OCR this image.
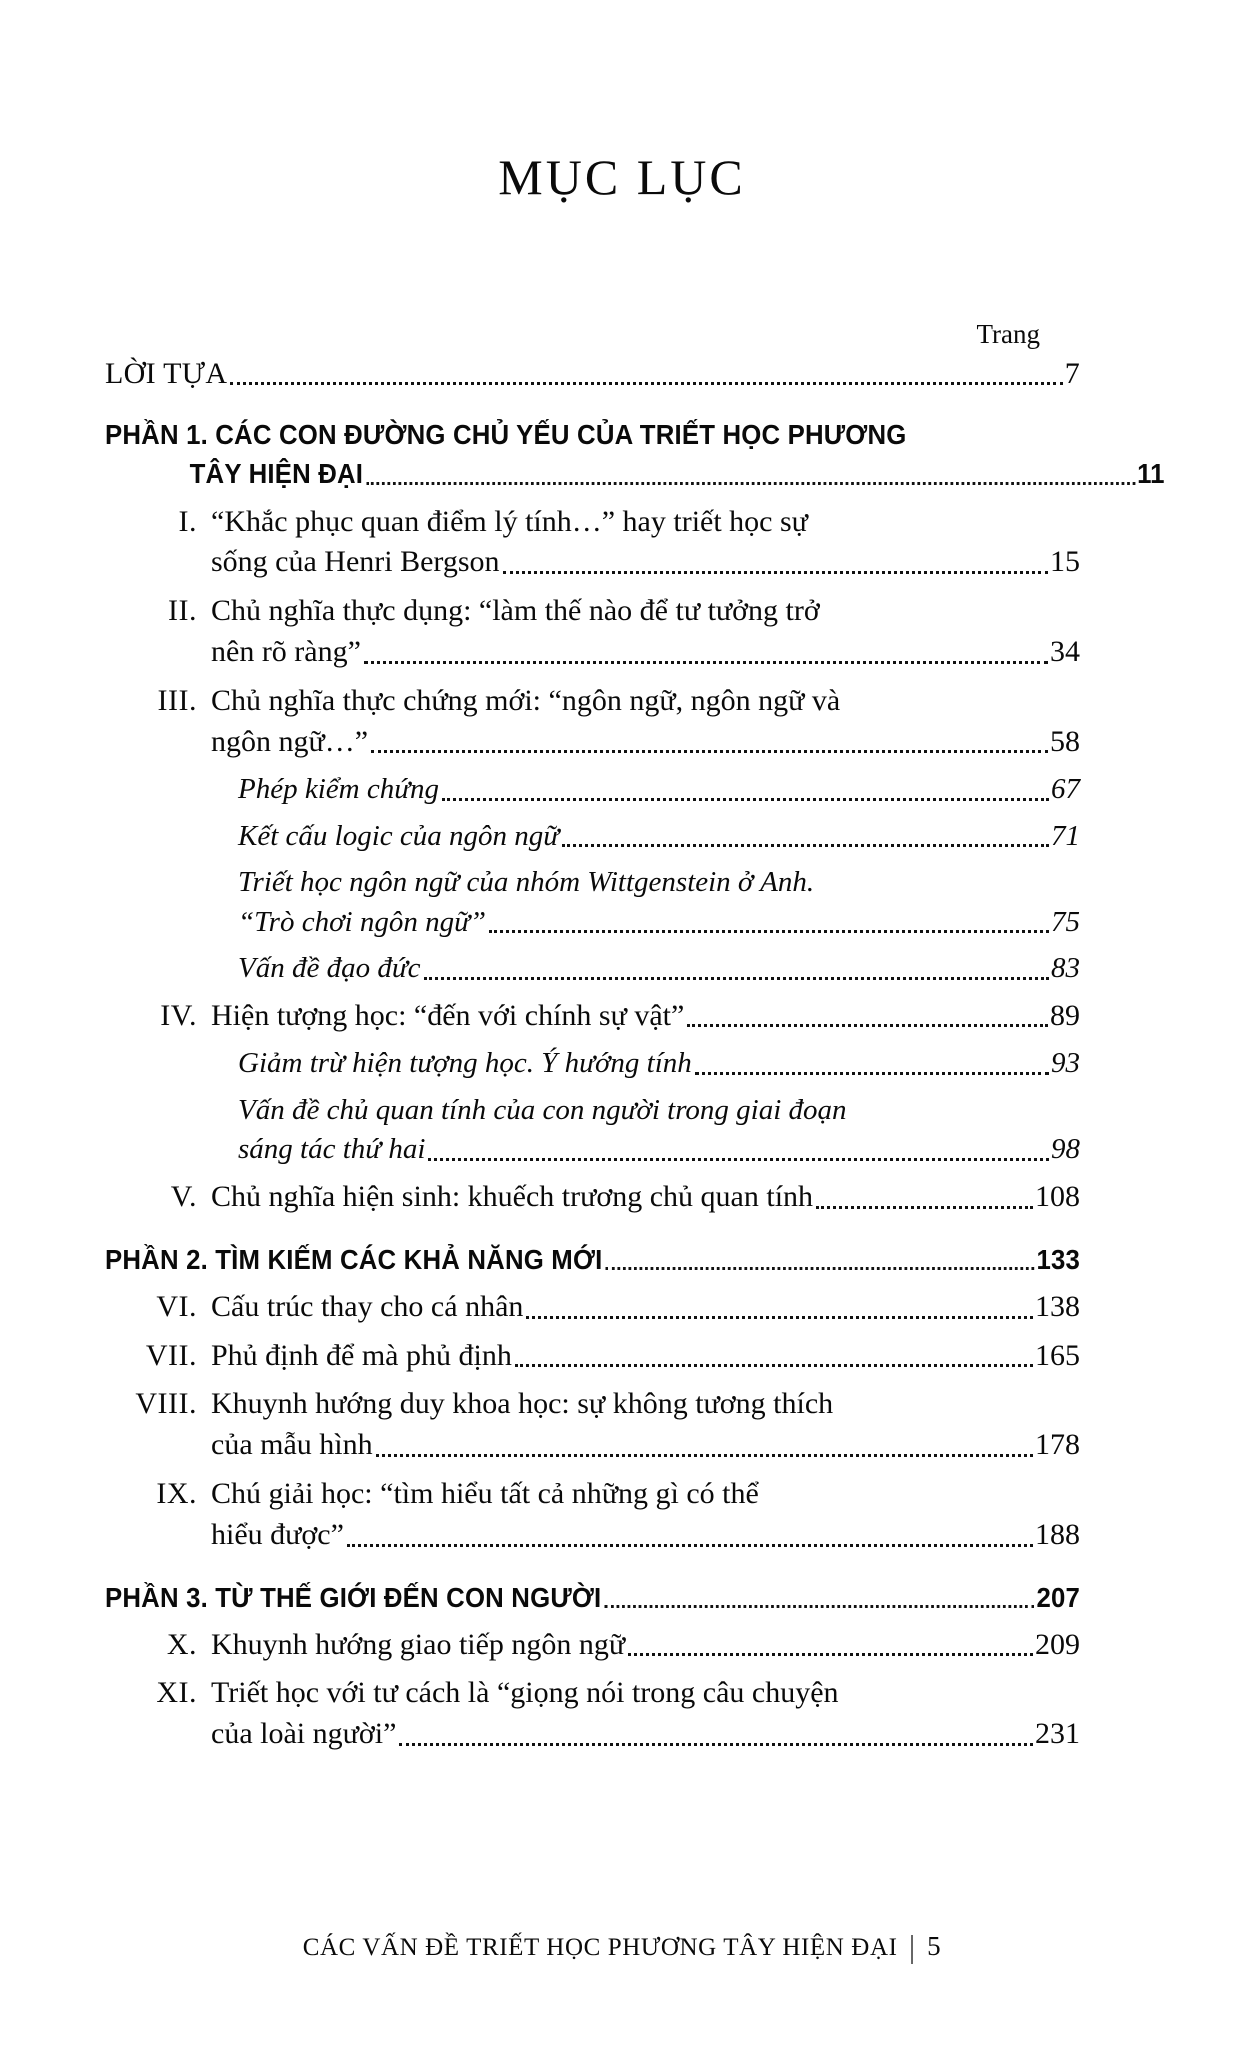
MỤC LỤC
Trang
LỜI TỰA	7
PHẦN 1. CÁC CON ĐƯỜNG CHỦ YẾU CỦA TRIẾT HỌC PHƯƠNG
TÂY HIỆN ĐẠI	11
I. “Khắc phục quan điểm lý tính…” hay triết học sự
sống của Henri Bergson	15
II. Chủ nghĩa thực dụng: “làm thế nào để tư tưởng trở
nên rõ ràng”	34
III. Chủ nghĩa thực chứng mới: “ngôn ngữ, ngôn ngữ và
ngôn ngữ…”	58
Phép kiểm chứng	67
Kết cấu logic của ngôn ngữ	71
Triết học ngôn ngữ của nhóm Wittgenstein ở Anh.
“Trò chơi ngôn ngữ”	75
Vấn đề đạo đức	83
IV. Hiện tượng học: “đến với chính sự vật”	89
Giảm trừ hiện tượng học. Ý hướng tính	93
Vấn đề chủ quan tính của con người trong giai đoạn
sáng tác thứ hai	98
V. Chủ nghĩa hiện sinh: khuếch trương chủ quan tính	108
PHẦN 2. TÌM KIẾM CÁC KHẢ NĂNG MỚI	133
VI. Cấu trúc thay cho cá nhân	138
VII. Phủ định để mà phủ định	165
VIII. Khuynh hướng duy khoa học: sự không tương thích
của mẫu hình	178
IX. Chú giải học: “tìm hiểu tất cả những gì có thể
hiểu được”	188
PHẦN 3. TỪ THẾ GIỚI ĐẾN CON NGƯỜI	207
X. Khuynh hướng giao tiếp ngôn ngữ	209
XI. Triết học với tư cách là “giọng nói trong câu chuyện
của loài người”	231
CÁC VẤN ĐỀ TRIẾT HỌC PHƯƠNG TÂY HIỆN ĐẠI | 5
